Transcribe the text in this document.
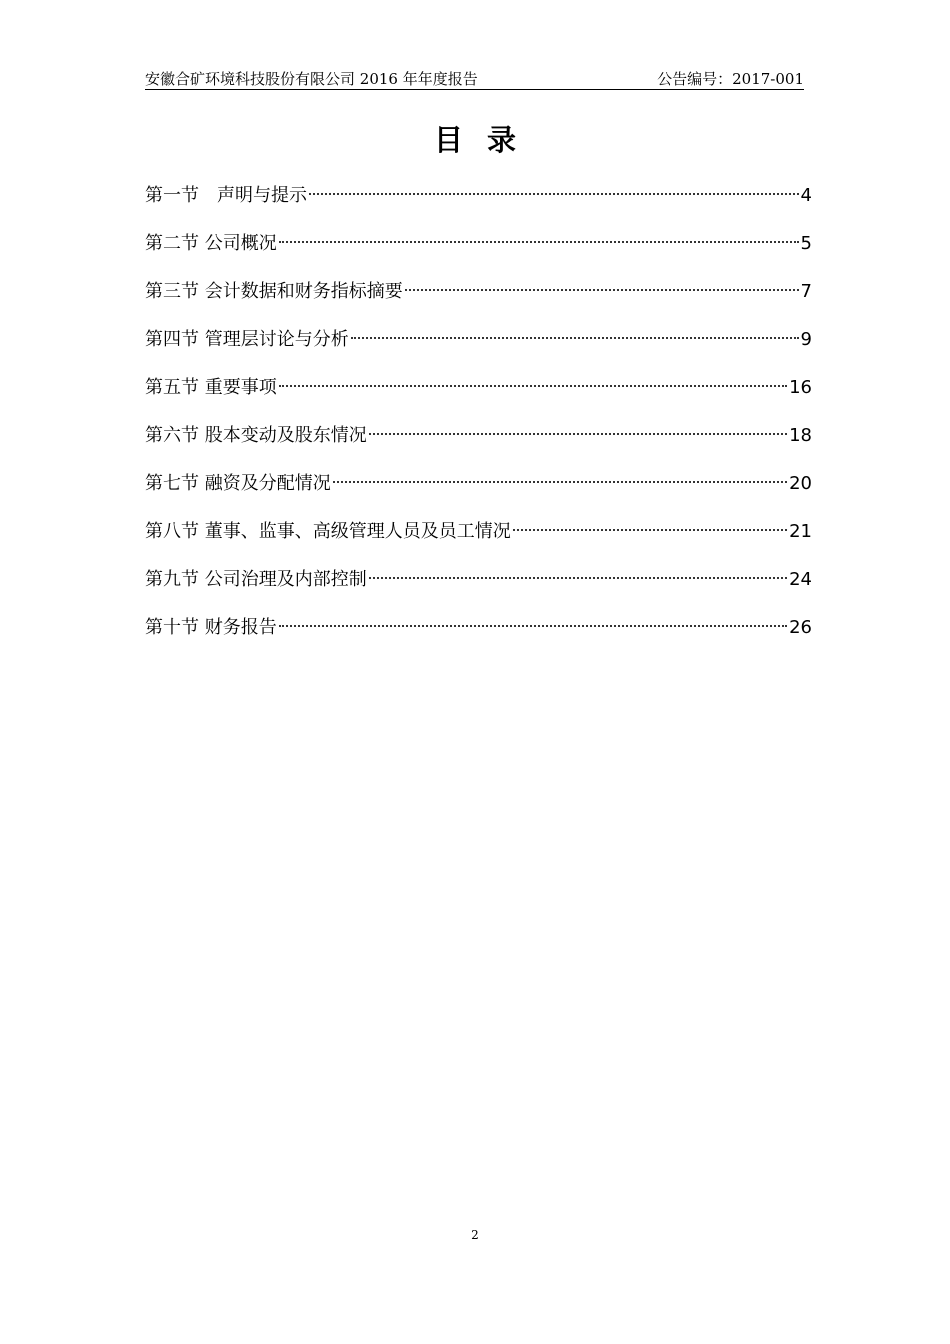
安徽合矿环境科技股份有限公司 2016 年年度报告	公告编号：2017-001
目录
第一节　声明与提示	4
第二节 公司概况	5
第三节 会计数据和财务指标摘要	7
第四节 管理层讨论与分析	9
第五节 重要事项	16
第六节 股本变动及股东情况	18
第七节 融资及分配情况	20
第八节 董事、监事、高级管理人员及员工情况	21
第九节 公司治理及内部控制	24
第十节 财务报告	26
2
